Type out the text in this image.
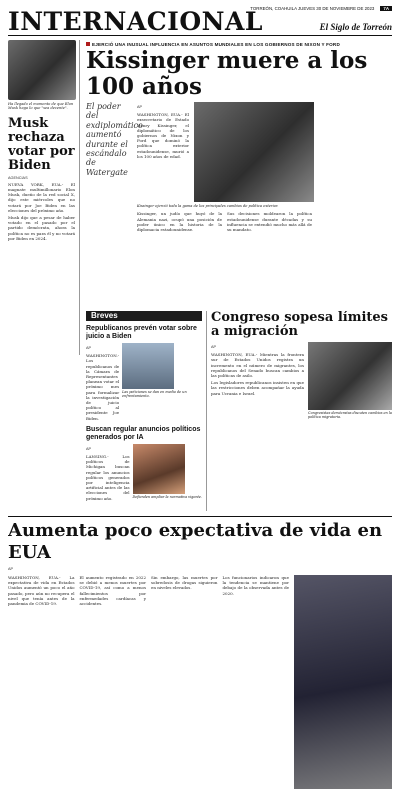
TORREÓN, COAHUILA JUEVES 30 DE NOVIEMBRE DE 2023	7A
INTERNACIONAL	El Siglo de Torreón
Ha llegado el momento de que Elon Musk haga lo que "sea decente".
Musk rechaza votar por Biden
AGENCIAS

NUEVA YORK, EUA.- El magnate multimillonario Elon Musk, dueño de la red social X, dijo este miércoles que no votará por Joe Biden en las elecciones del próximo año.

Musk dijo que a pesar de haber votado en el pasado por el partido demócrata, ahora la política no es para él y no votará por Biden en 2024.

EJERCIÓ UNA INUSUAL INFLUENCIA EN ASUNTOS MUNDIALES EN LOS GOBIERNOS DE NIXON Y FORD
Kissinger muere a los 100 años
El poder del exdiplomático aumentó durante el escándalo de Watergate
AP

WASHINGTON, EUA.- El exsecretario de Estado Henry Kissinger, el diplomático de los gobiernos de Nixon y Ford que dominó la política exterior estadounidense, murió a los 100 años de edad.

Kissinger ejerció toda la gama de los principales cambios de política exterior.
Kissinger, un judío que huyó de la Alemania nazi, ocupó una posición de poder único en la historia de la diplomacia estadounidense.
Sus decisiones moldearon la política estadounidense durante décadas y su influencia se extendió mucho más allá de su mandato.
Breves
Republicanos prevén votar sobre juicio a Biden
AP

WASHINGTON.- Los republicanos de la Cámara de Representantes planean votar el próximo mes para formalizar la investigación de juicio político al presidente Joe Biden.

Las peticiones se dan en medio de un enfrentamiento.
Buscan regular anuncios políticos generados por IA
AP

LANSING.- Los políticos de Michigan buscan regular los anuncios políticos generados por inteligencia artificial antes de las elecciones del próximo año.	Defienden ampliar la normativa vigente.
Congreso sopesa límites a migración
AP

WASHINGTON, EUA.- Mientras la frontera sur de Estados Unidos registra un incremento en el número de migrantes, los republicanos del Senado buscan cambios a las políticas de asilo.

Los legisladores republicanos insisten en que las restricciones deben acompañar la ayuda para Ucrania e Israel.

Congresistas demócratas discuten cambios en la política migratoria.
Aumenta poco expectativa de vida en EUA
AP
WASHINGTON, EUA.- La expectativa de vida en Estados Unidos aumentó un poco el año pasado, pero aún no recupera el nivel que tenía antes de la pandemia de COVID-19.
El aumento registrado en 2022 se debió a menos muertes por COVID-19, así como a menos fallecimientos por enfermedades cardíacas y accidentes.
Sin embargo, las muertes por sobredosis de drogas siguieron en niveles elevados.
Los funcionarios indicaron que la tendencia se mantiene por debajo de la observada antes de 2020.
